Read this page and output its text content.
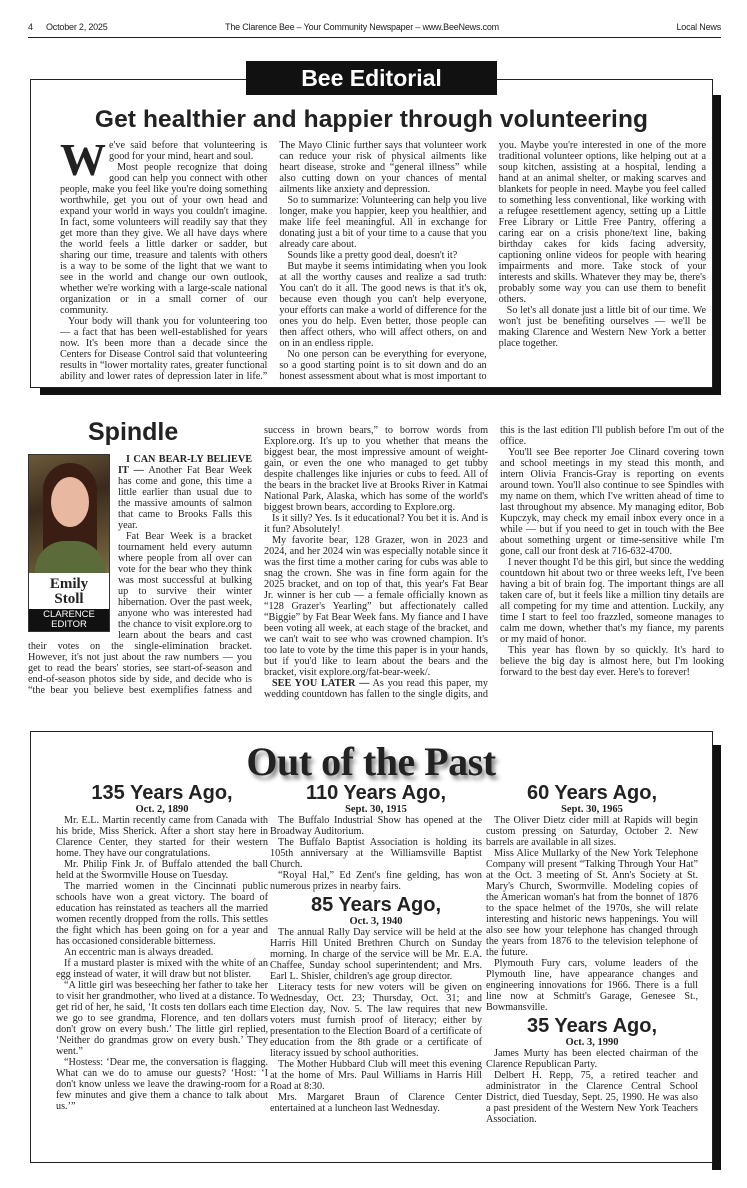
4	October 2, 2025	The Clarence Bee – Your Community Newspaper – www.BeeNews.com	Local News
Bee Editorial
Get healthier and happier through volunteering

We've said before that volunteering is good for your mind, heart and soul.

Most people recognize that doing good can help you connect with other people, make you feel like you're doing something worthwhile, get you out of your own head and expand your world in ways you couldn't imagine. In fact, some volunteers will readily say that they get more than they give. We all have days where the world feels a little darker or sadder, but sharing our time, treasure and talents with others is a way to be some of the light that we want to see in the world and change our own outlook, whether we're working with a large-scale national organization or in a small corner of our community.

Your body will thank you for volunteering too — a fact that has been well-established for years now. It's been more than a decade since the Centers for Disease Control said that volunteering results in “lower mortality rates, greater functional ability and lower rates of depression later in life.” The Mayo Clinic further says that volunteer work can reduce your risk of physical ailments like heart disease, stroke and “general illness” while also cutting down on your chances of mental ailments like anxiety and depression.

So to summarize: Volunteering can help you live longer, make you happier, keep you healthier, and make life feel meaningful. All in exchange for donating just a bit of your time to a cause that you already care about.

Sounds like a pretty good deal, doesn't it?

But maybe it seems intimidating when you look at all the worthy causes and realize a sad truth: You can't do it all. The good news is that it's ok, because even though you can't help everyone, your efforts can make a world of difference for the ones you do help. Even better, those people can then affect others, who will affect others, on and on in an endless ripple.

No one person can be everything for everyone, so a good starting point is to sit down and do an honest assessment about what is most important to you. Maybe you're interested in one of the more traditional volunteer options, like helping out at a soup kitchen, assisting at a hospital, lending a hand at an animal shelter, or making scarves and blankets for people in need. Maybe you feel called to something less conventional, like working with a refugee resettlement agency, setting up a Little Free Library or Little Free Pantry, offering a caring ear on a crisis phone/text line, baking birthday cakes for kids facing adversity, captioning online videos for people with hearing impairments and more. Take stock of your interests and skills. Whatever they may be, there's probably some way you can use them to benefit others.

So let's all donate just a little bit of our time. We won't just be benefiting ourselves — we'll be making Clarence and Western New York a better place together.

Spindle
Emily
Stoll
CLARENCE
EDITOR

I CAN BEAR-LY BELIEVE IT — Another Fat Bear Week has come and gone, this time a little earlier than usual due to the massive amounts of salmon that came to Brooks Falls this year.

Fat Bear Week is a bracket tournament held every autumn where people from all over can vote for the bear who they think was most successful at bulking up to survive their winter hibernation. Over the past week, anyone who was interested had the chance to visit explore.org to learn about the bears and cast their votes on the single-elimination bracket. However, it's not just about the raw numbers — you get to read the bears' stories, see start-of-season and end-of-season photos side by side, and decide who is “the bear you believe best exemplifies fatness and success in brown bears,” to borrow words from Explore.org. It's up to you whether that means the biggest bear, the most impressive amount of weight-gain, or even the one who managed to get tubby despite challenges like injuries or cubs to feed. All of the bears in the bracket live at Brooks River in Katmai National Park, Alaska, which has some of the world's biggest brown bears, according to Explore.org.

Is it silly? Yes. Is it educational? You bet it is. And is it fun? Absolutely!

My favorite bear, 128 Grazer, won in 2023 and 2024, and her 2024 win was especially notable since it was the first time a mother caring for cubs was able to snag the crown. She was in fine form again for the 2025 bracket, and on top of that, this year's Fat Bear Jr. winner is her cub — a female officially known as “128 Grazer's Yearling” but affectionately called “Biggie” by Fat Bear Week fans. My fiance and I have been voting all week, at each stage of the bracket, and we can't wait to see who was crowned champion. It's too late to vote by the time this paper is in your hands, but if you'd like to learn about the bears and the bracket, visit explore.org/fat-bear-week/.

SEE YOU LATER — As you read this paper, my wedding countdown has fallen to the single digits, and this is the last edition I'll publish before I'm out of the office.

You'll see Bee reporter Joe Clinard covering town and school meetings in my stead this month, and intern Olivia Francis-Gray is reporting on events around town. You'll also continue to see Spindles with my name on them, which I've written ahead of time to last throughout my absence. My managing editor, Bob Kupczyk, may check my email inbox every once in a while — but if you need to get in touch with the Bee about something urgent or time-sensitive while I'm gone, call our front desk at 716-632-4700.

I never thought I'd be this girl, but since the wedding countdown hit about two or three weeks left, I've been having a bit of brain fog. The important things are all taken care of, but it feels like a million tiny details are all competing for my time and attention. Luckily, any time I start to feel too frazzled, someone manages to calm me down, whether that's my fiance, my parents or my maid of honor.

This year has flown by so quickly. It's hard to believe the big day is almost here, but I'm looking forward to the best day ever. Here's to forever!

Out of the Past
135 Years Ago,
Oct. 2, 1890

Mr. E.L. Martin recently came from Canada with his bride, Miss Sherick. After a short stay here in Clarence Center, they started for their western home. They have our congratulations.

Mr. Philip Fink Jr. of Buffalo attended the ball held at the Swormville House on Tuesday.

The married women in the Cincinnati public schools have won a great victory. The board of education has reinstated as teachers all the married women recently dropped from the rolls. This settles the fight which has been going on for a year and has occasioned considerable bitterness.

An eccentric man is always dreaded.

If a mustard plaster is mixed with the white of an egg instead of water, it will draw but not blister.

“A little girl was beseeching her father to take her to visit her grandmother, who lived at a distance. To get rid of her, he said, ‘It costs ten dollars each time we go to see grandma, Florence, and ten dollars don't grow on every bush.’ The little girl replied, ‘Neither do grandmas grow on every bush.’ They went.”

“Hostess: ‘Dear me, the conversation is flagging. What can we do to amuse our guests? ‘Host: ‘I don't know unless we leave the drawing-room for a few minutes and give them a chance to talk about us.’”

110 Years Ago,
Sept. 30, 1915

The Buffalo Industrial Show has opened at the Broadway Auditorium.

The Buffalo Baptist Association is holding its 105th anniversary at the Williamsville Baptist Church.

“Royal Hal,” Ed Zent's fine gelding, has won numerous prizes in nearby fairs.

85 Years Ago,
Oct. 3, 1940

The annual Rally Day service will be held at the Harris Hill United Brethren Church on Sunday morning. In charge of the service will be Mr. E.A. Chaffee, Sunday school superintendent; and Mrs. Earl L. Shisler, children's age group director.

Literacy tests for new voters will be given on Wednesday, Oct. 23; Thursday, Oct. 31; and Election day, Nov. 5. The law requires that new voters must furnish proof of literacy; either by presentation to the Election Board of a certificate of education from the 8th grade or a certificate of literacy issued by school authorities.

The Mother Hubbard Club will meet this evening at the home of Mrs. Paul Williams in Harris Hill Road at 8:30.

Mrs. Margaret Braun of Clarence Center entertained at a luncheon last Wednesday.

60 Years Ago,
Sept. 30, 1965

The Oliver Dietz cider mill at Rapids will begin custom pressing on Saturday, October 2. New barrels are available in all sizes.

Miss Alice Mullarky of the New York Telephone Company will present “Talking Through Your Hat” at the Oct. 3 meeting of St. Ann's Society at St. Mary's Church, Swormville. Modeling copies of the American woman's hat from the bonnet of 1876 to the space helmet of the 1970s, she will relate interesting and historic news happenings. You will also see how your telephone has changed through the years from 1876 to the television telephone of the future.

Plymouth Fury cars, volume leaders of the Plymouth line, have appearance changes and engineering innovations for 1966. There is a full line now at Schmitt's Garage, Genesee St., Bowmansville.

35 Years Ago,
Oct. 3, 1990

James Murty has been elected chairman of the Clarence Republican Party.

Delbert H. Repp, 75, a retired teacher and administrator in the Clarence Central School District, died Tuesday, Sept. 25, 1990. He was also a past president of the Western New York Teachers Association.
